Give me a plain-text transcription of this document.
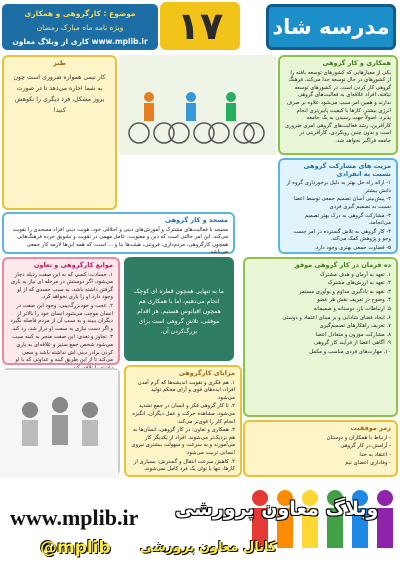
مدرسه شاد
۱۷
موضوع : کارگروهی و همکاری
ویژه نامه ماه مبارک رمضان
www.mplib.ir کاری از وبلاگ معاون
همکاری و کار گروهی
یکی از معیارهایی که کشورهای توسعه یافته را از کشورهای در حال توسعه جدا می‌کند، فرهنگ گروهی کار کردن است. در کشورهای توسعه نیافته، افراد علاقه‌ای به فعالیت‌های گروهی ندارند و همین امر سبب می‌شود علاوه بر صرف انرژی بیشتر، کارها با کیفیت پایین‌تری انجام پذیرد. اصولاً جهت رسیدن به یک جامعه کارآفرین، رشد فعالیت‌های گروهی امری ضروری است و بدون چنین رویکردی، کارآفرینی در جامعه فراگیر نخواهد شد.
طنز
کار تیمی همواره ضروری است چون به شما اجاره می‌دهد تا در صورت بروز مشکل، فرد دیگری را نکوهش کنید!
مزیت های مشارکت گروهی نسبت به انفرادی
۱- ارائه راه حل بهتر به دلیل برخورداری گروه از دانش بیشتر
۲- پیش‌بینی آسان تصمیم جمعی توسط اعضا نسبت به تصمیم گیری فردی
۳- مشارکت گروهی به درک بهتر تصمیم می‌انجامد.
۴- کار گروهی به تلاش گسترده در امر جست وجو و پژوهش کمک می‌کند.
۵- قضاوت جمعی بهتری وجود دارد.
مسجد و کار گروهی
مسجد با فعالیت‌های مشترک و آموزش‌های دینی و اخلاقی خود، هویت دینی افراد مسجدی را تقویت می‌کند. این امر حالتی است که دین و معنویت، عامل مهمی در تقویت و تشویق خرده فرهنگ‌هایی همچون کارگروهی، مردم‌داری، فروتنی، هیئت‌ها بنا و ... است. که همه این‌ها لازمه کار جمعی می‌باشد.
موانع کارگروهی و تعاون
۱. حسادت: کسی که به این صفت رذیله دچار می‌شود، اگر دوستش در مرحله ای نیاز به یاری گرفتن داشته باشد، به سبب حسدی که از او وجود دارد او را یاری نخواهد کرد.
۲. عجب و خودبزرگ‌بینی: وجود این صفت در انسان موجب می‌شود انسان خود را بالاتر از دیگران ببیند و به سبب آن از مردم فاصله بگیرد و اگر دست نیازی به سمت او دراز شد، رد کند.
۳. تجاوز و تعدی: این صفت منجر به کینه سبب می‌شود شخص جمع ستیز و علاقه‌ای به یاری کردن برادر دینی اش نداشته باشد و سعی می‌کند تا از این طریق کینه و عداوتی که با او
ما به تنهایی همچون قطره ای کوچک انجام می‌دهیم، اما با همکاری هم همچون اقیانوس هستیم. هر اقدام موفقی، تلاش گروهی است برای بزرگ‌کردن آن.
ده فرمان در کار گروهی موفق
۱. تعهد به آرمان و هدف مشترک
۲. تعهد به ارزش‌های مشترک
۳. تعهد به یادگیری مداوم و نوآوری مستمر
۴. وضوح در تعریف نقش هر عضو
۵. ارتباطات باز، دوستانه و صمیمانه
۶. ایجاد فضای شادابی و بر مبنای اعتماد و دوستی
۷. تعریف راهکارهای تصمیم‌گیری
۸. مشارکت موزون و متعادل اعضا
۹. آگاهی اعضا از فرآیند کار گروهی
۱۰. مهارت‌های فردی مناسب و مکمل
مزایای کارگروهی
۱. هم فکری و تقویت اندیشه‌ها که گرم آمدن افراد، ایده‌های قوی و آرای محکم تولید می‌شود.
۲. تا کار گروهی فکر و انسان در جمع تشدید می‌شود. مشاهده حرکت و عمل دیگران، انگیزه انجام کار را قوی‌تر می‌کند.
۳. همکاری و تعاون: در کار گروهی، انسان‌ها به هم نزدیک‌تر می‌شوند. افراد از یکدیگر کار می‌آموزند و به سرعت و سهولت بیشتری نیروی انسانی تربیت می‌شود.
۴. کاهش سرعت انتقال و گسترش: بسیاری از کارها، تنها با توان یک فرد کامل نمی‌شوند.
رمز موفقیت
- ارتباط با همکاران و دوستان
- آرامش در کار گروهی
- اعتقاد به خدا
- وفاداری اعضای تیم
www.mplib.ir وبلاگ معاون پرورشی
@mplib کانال معاون پرورشی
